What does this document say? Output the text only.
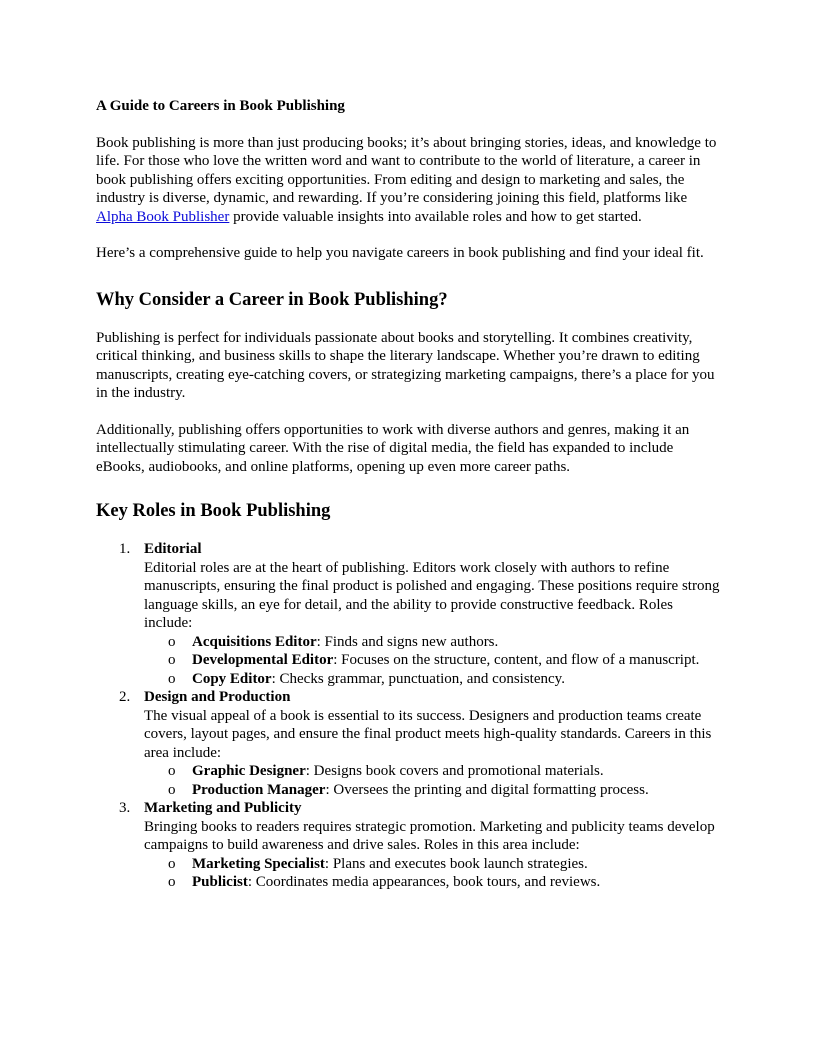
A Guide to Careers in Book Publishing

Book publishing is more than just producing books; it’s about bringing stories, ideas, and knowledge to life. For those who love the written word and want to contribute to the world of literature, a career in book publishing offers exciting opportunities. From editing and design to marketing and sales, the industry is diverse, dynamic, and rewarding. If you’re considering joining this field, platforms like Alpha Book Publisher provide valuable insights into available roles and how to get started.

Here’s a comprehensive guide to help you navigate careers in book publishing and find your ideal fit.

Why Consider a Career in Book Publishing?

Publishing is perfect for individuals passionate about books and storytelling. It combines creativity, critical thinking, and business skills to shape the literary landscape. Whether you’re drawn to editing manuscripts, creating eye-catching covers, or strategizing marketing campaigns, there’s a place for you in the industry.

Additionally, publishing offers opportunities to work with diverse authors and genres, making it an intellectually stimulating career. With the rise of digital media, the field has expanded to include eBooks, audiobooks, and online platforms, opening up even more career paths.

Key Roles in Book Publishing
1. Editorial
Editorial roles are at the heart of publishing. Editors work closely with authors to refine manuscripts, ensuring the final product is polished and engaging. These positions require strong language skills, an eye for detail, and the ability to provide constructive feedback. Roles include:
o Acquisitions Editor: Finds and signs new authors.
o Developmental Editor: Focuses on the structure, content, and flow of a manuscript.
o Copy Editor: Checks grammar, punctuation, and consistency.
2. Design and Production
The visual appeal of a book is essential to its success. Designers and production teams create covers, layout pages, and ensure the final product meets high-quality standards. Careers in this area include:
o Graphic Designer: Designs book covers and promotional materials.
o Production Manager: Oversees the printing and digital formatting process.
3. Marketing and Publicity
Bringing books to readers requires strategic promotion. Marketing and publicity teams develop campaigns to build awareness and drive sales. Roles in this area include:
o Marketing Specialist: Plans and executes book launch strategies.
o Publicist: Coordinates media appearances, book tours, and reviews.
